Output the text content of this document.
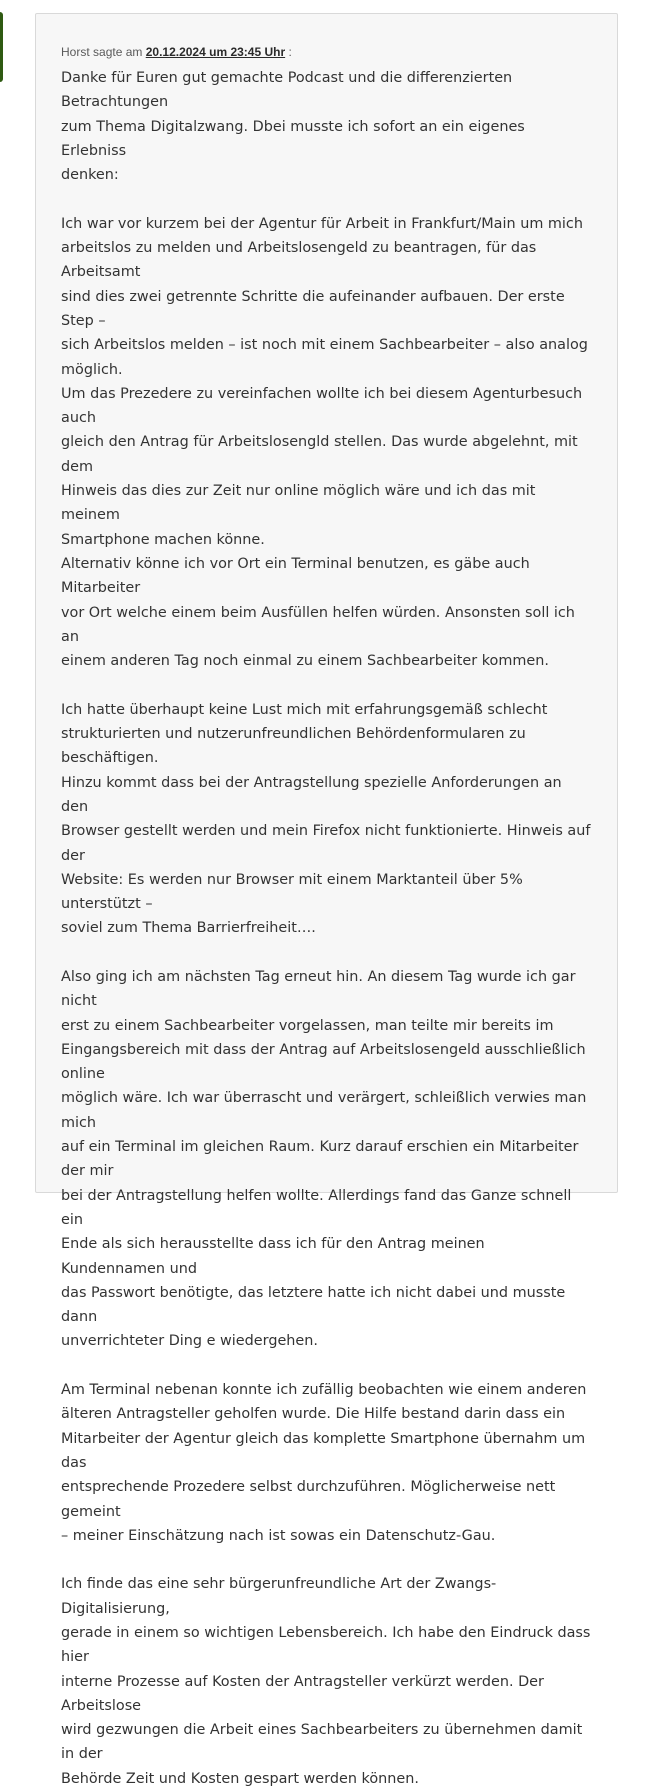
Horst sagte am 20.12.2024 um 23:45 Uhr :

Danke für Euren gut gemachte Podcast und die differenzierten Betrachtungen
zum Thema Digitalzwang. Dbei musste ich sofort an ein eigenes Erlebniss
denken:

Ich war vor kurzem bei der Agentur für Arbeit in Frankfurt/Main um mich
arbeitslos zu melden und Arbeitslosengeld zu beantragen, für das Arbeitsamt
sind dies zwei getrennte Schritte die aufeinander aufbauen. Der erste Step –
sich Arbeitslos melden – ist noch mit einem Sachbearbeiter – also analog
möglich.
Um das Prezedere zu vereinfachen wollte ich bei diesem Agenturbesuch auch
gleich den Antrag für Arbeitslosengld stellen. Das wurde abgelehnt, mit dem
Hinweis das dies zur Zeit nur online möglich wäre und ich das mit meinem
Smartphone machen könne.
Alternativ könne ich vor Ort ein Terminal benutzen, es gäbe auch Mitarbeiter
vor Ort welche einem beim Ausfüllen helfen würden. Ansonsten soll ich an
einem anderen Tag noch einmal zu einem Sachbearbeiter kommen.

Ich hatte überhaupt keine Lust mich mit erfahrungsgemäß schlecht
strukturierten und nutzerunfreundlichen Behördenformularen zu beschäftigen.
Hinzu kommt dass bei der Antragstellung spezielle Anforderungen an den
Browser gestellt werden und mein Firefox nicht funktionierte. Hinweis auf der
Website: Es werden nur Browser mit einem Marktanteil über 5% unterstützt –
soviel zum Thema Barrierfreiheit….

Also ging ich am nächsten Tag erneut hin. An diesem Tag wurde ich gar nicht
erst zu einem Sachbearbeiter vorgelassen, man teilte mir bereits im
Eingangsbereich mit dass der Antrag auf Arbeitslosengeld ausschließlich online
möglich wäre. Ich war überrascht und verärgert, schleißlich verwies man mich
auf ein Terminal im gleichen Raum. Kurz darauf erschien ein Mitarbeiter der mir
bei der Antragstellung helfen wollte. Allerdings fand das Ganze schnell ein
Ende als sich herausstellte dass ich für den Antrag meinen Kundennamen und
das Passwort benötigte, das letztere hatte ich nicht dabei und musste dann
unverrichteter Ding e wiedergehen.

Am Terminal nebenan konnte ich zufällig beobachten wie einem anderen
älteren Antragsteller geholfen wurde. Die Hilfe bestand darin dass ein
Mitarbeiter der Agentur gleich das komplette Smartphone übernahm um das
entsprechende Prozedere selbst durchzuführen. Möglicherweise nett gemeint
– meiner Einschätzung nach ist sowas ein Datenschutz-Gau.

Ich finde das eine sehr bürgerunfreundliche Art der Zwangs-Digitalisierung,
gerade in einem so wichtigen Lebensbereich. Ich habe den Eindruck dass hier
interne Prozesse auf Kosten der Antragsteller verkürzt werden. Der Arbeitslose
wird gezwungen die Arbeit eines Sachbearbeiters zu übernehmen damit in der
Behörde Zeit und Kosten gespart werden können.
